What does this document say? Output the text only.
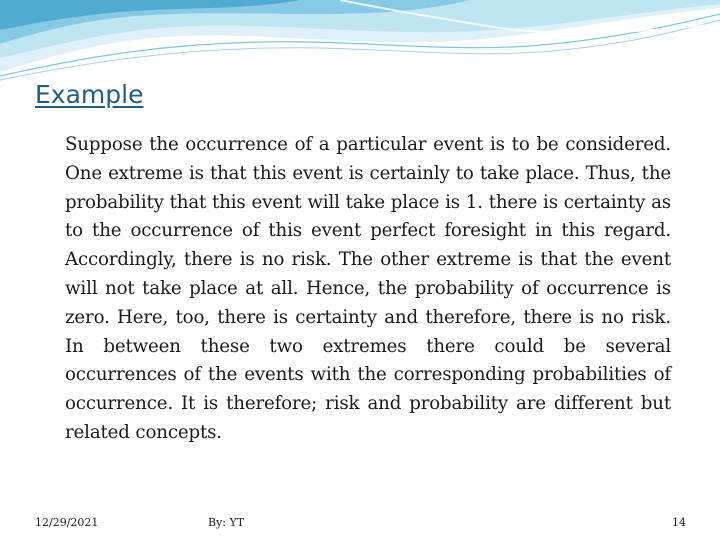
Example

Suppose the occurrence of a particular event is to be considered. One extreme is that this event is certainly to take place. Thus, the probability that this event will take place is 1. there is certainty as to the occurrence of this event perfect foresight in this regard. Accordingly, there is no risk. The other extreme is that the event will not take place at all. Hence, the probability of occurrence is zero. Here, too, there is certainty and therefore, there is no risk. In between these two extremes there could be several occurrences of the events with the corresponding probabilities of occurrence. It is therefore; risk and probability are different but related concepts.

12/29/2021	By: YT	14
